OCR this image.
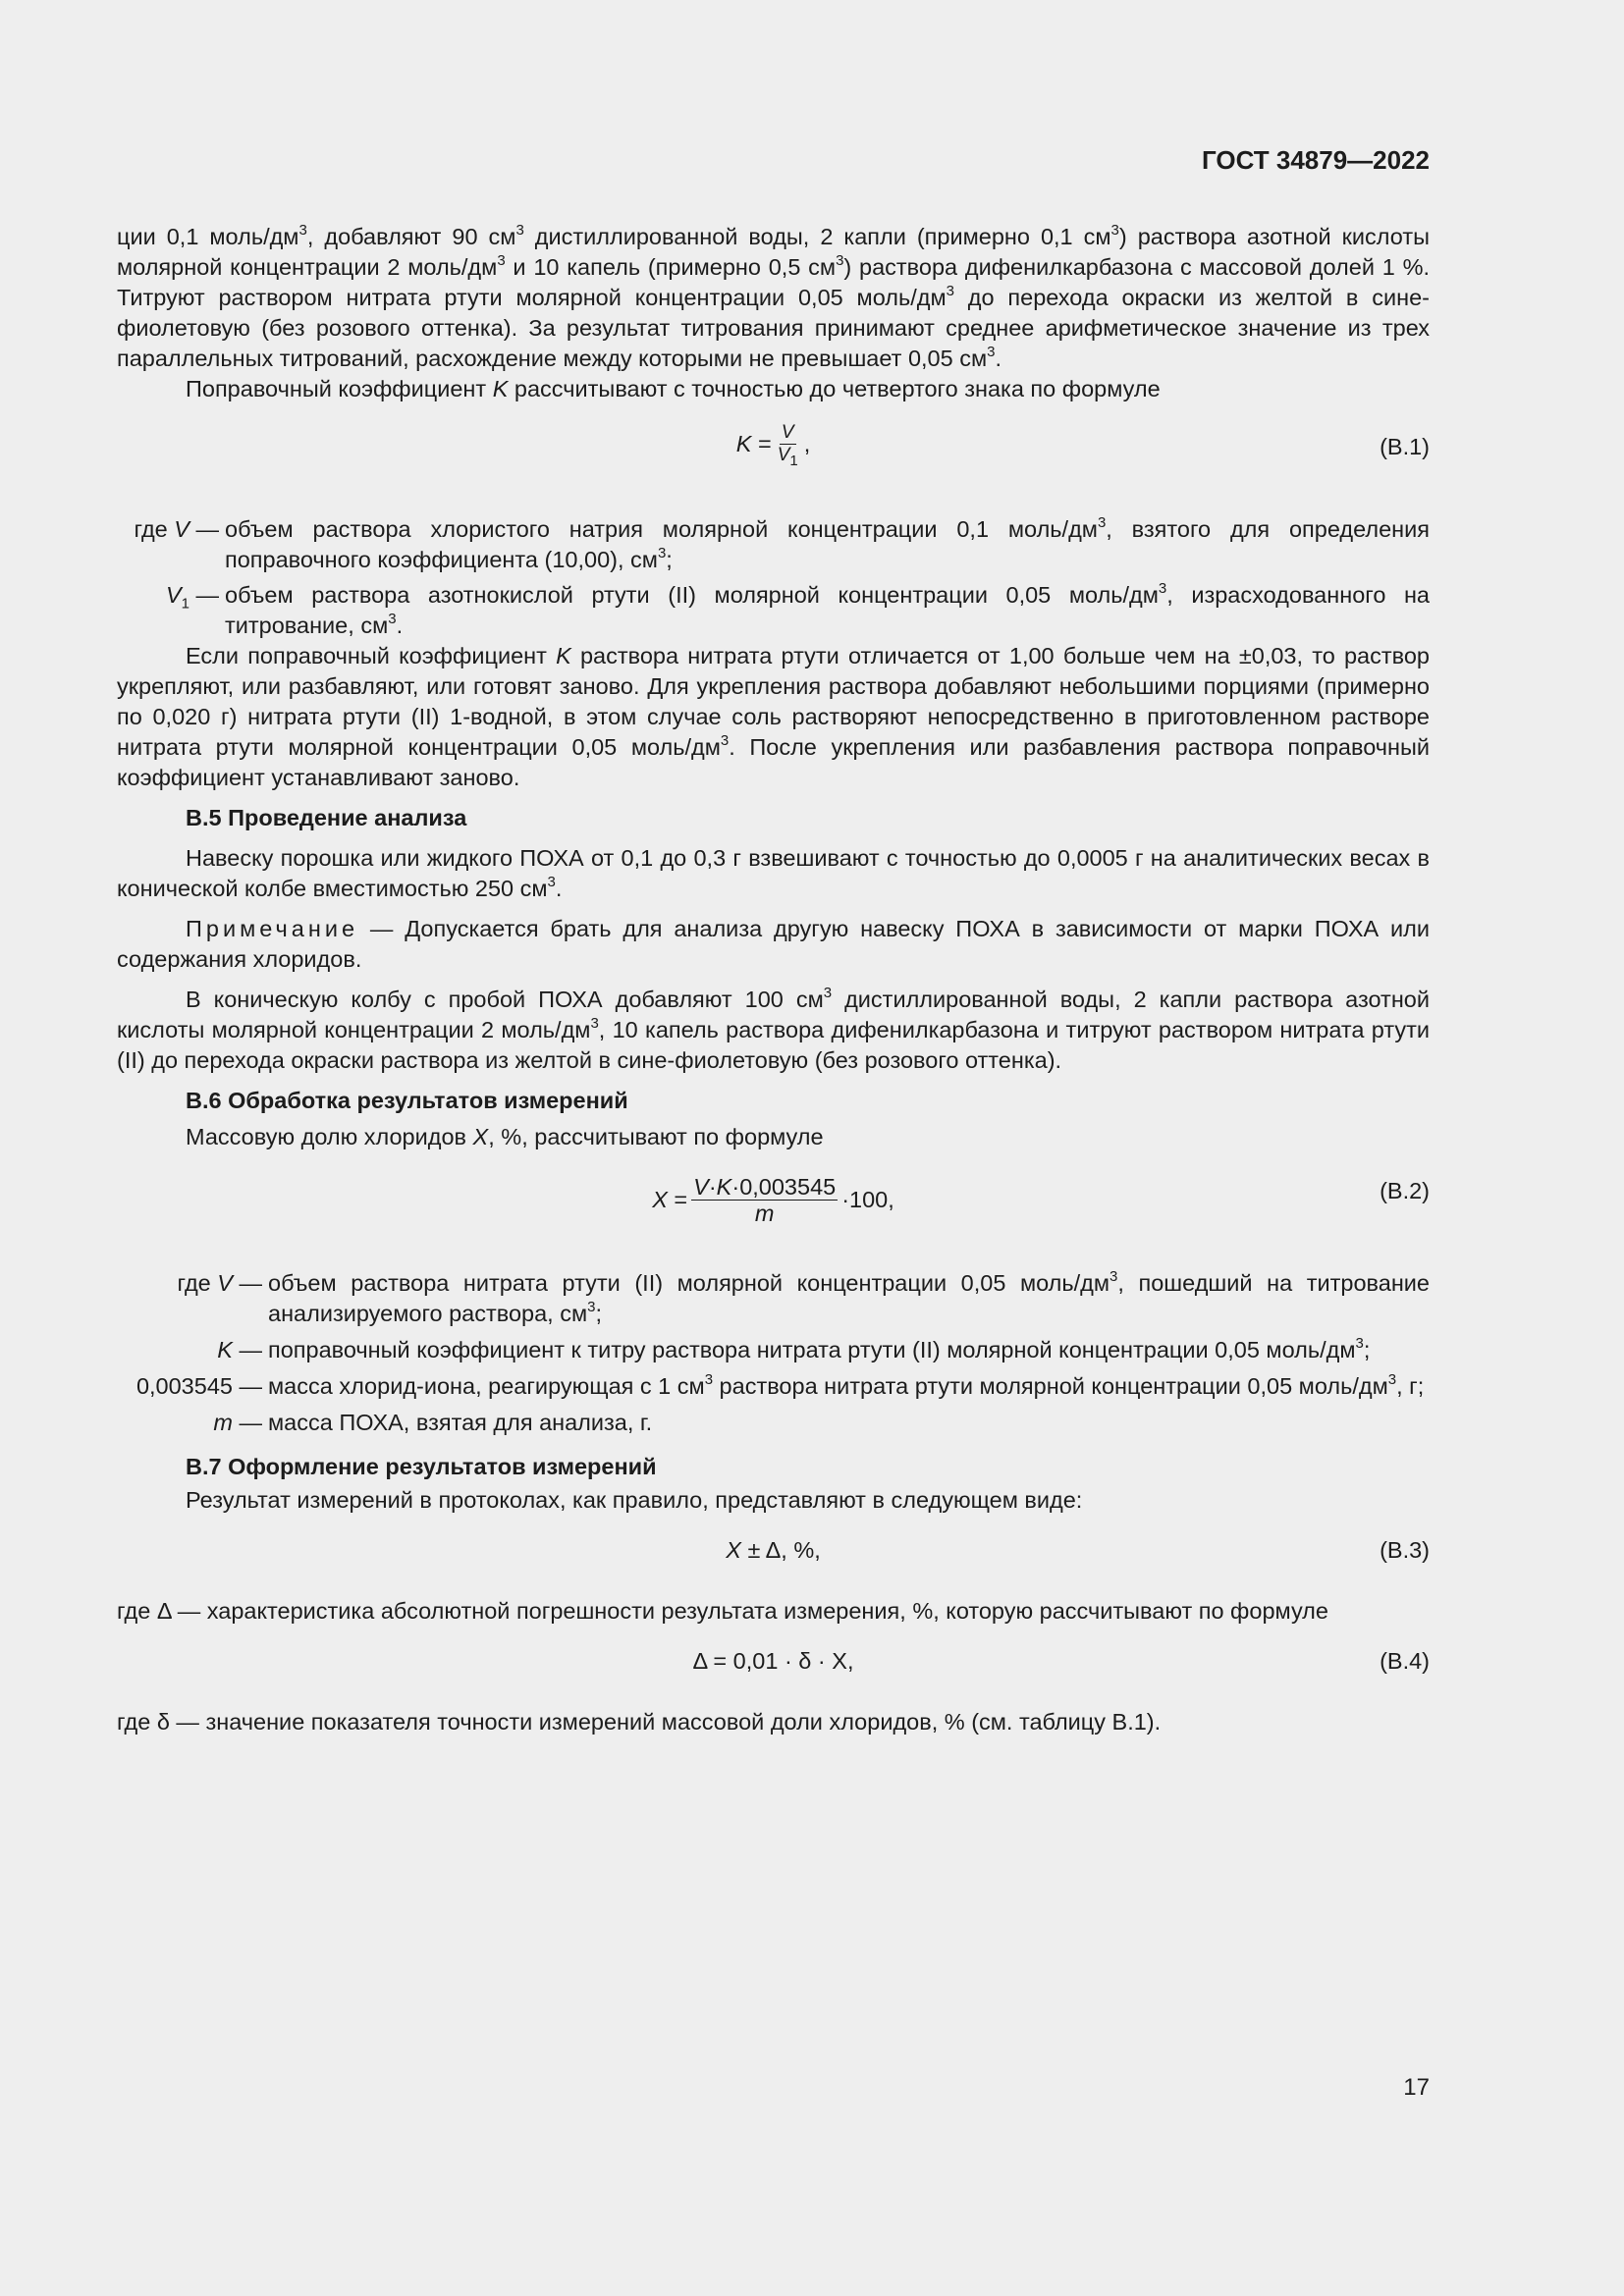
ГОСТ 34879—2022

ции 0,1 моль/$дм^3$, добавляют 90 $см^3$ дистиллированной воды, 2 капли (примерно 0,1 $см^3$) раствора азотной кислоты молярной концентрации 2 моль/$дм^3$ и 10 капель (примерно 0,5 $см^3$) раствора дифенилкарбазона с массовой долей 1 %. Титруют раствором нитрата ртути молярной концентрации 0,05 моль/$дм^3$ до перехода окраски из желтой в сине-фиолетовую (без розового оттенка). За результат титрования принимают среднее арифметическое значение из трех параллельных титрований, расхождение между которыми не превышает 0,05 $см^3$.

Поправочный коэффициент K рассчитывают с точностью до четвертого знака по формуле

K
= $\frac{V}{V_1}$ ,	(В.1)
где V — объем раствора хлористого натрия молярной концентрации 0,1 моль/$дм^3$, взятого для определения поправочного коэффициента (10,00), $см^3$;
$V_1$ — объем раствора азотнокислой ртути (II) молярной концентрации 0,05 моль/$дм^3$, израсходованного на титрование, $см^3$.

Если поправочный коэффициент K раствора нитрата ртути отличается от 1,00 больше чем на ±0,03, то раствор укрепляют, или разбавляют, или готовят заново. Для укрепления раствора добавляют небольшими порциями (примерно по 0,020 г) нитрата ртути (II) 1-водной, в этом случае соль растворяют непосредственно в приготовленном растворе нитрата ртути молярной концентрации 0,05 моль/$дм^3$. После укрепления или разбавления раствора поправочный коэффициент устанавливают заново.

В.5 Проведение анализа

Навеску порошка или жидкого ПОХА от 0,1 до 0,3 г взвешивают с точностью до 0,0005 г на аналитических весах в конической колбе вместимостью 250 $см^3$.

Примечание — Допускается брать для анализа другую навеску ПОХА в зависимости от марки ПОХА или содержания хлоридов.

В коническую колбу с пробой ПОХА добавляют 100 $см^3$ дистиллированной воды, 2 капли раствора азотной кислоты молярной концентрации 2 моль/$дм^3$, 10 капель раствора дифенилкарбазона и титруют раствором нитрата ртути (II) до перехода окраски раствора из желтой в сине-фиолетовую (без розового оттенка).

В.6 Обработка результатов измерений

Массовую долю хлоридов X, %, рассчитывают по формуле

X
= $\frac{V\cdot K\cdot 0,003545}{m} \cdot 100$,	(В.2)
где V — объем раствора нитрата ртути (II) молярной концентрации 0,05 моль/$дм^3$, пошедший на титрование анализируемого раствора, $см^3$;
K — поправочный коэффициент к титру раствора нитрата ртути (II) молярной концентрации 0,05 моль/$дм^3$;
0,003545 — масса хлорид-иона, реагирующая с 1 $см^3$ раствора нитрата ртути молярной концентрации 0,05 моль/$дм^3$, г;
m — масса ПОХА, взятая для анализа, г.
В.7 Оформление результатов измерений

Результат измерений в протоколах, как правило, представляют в следующем виде:

X ± Δ, %,	(В.3)

где Δ — характеристика абсолютной погрешности результата измерения, %, которую рассчитывают по формуле

Δ = 0,01 · δ · X,	(В.4)

где δ — значение показателя точности измерений массовой доли хлоридов, % (см. таблицу В.1).

17
